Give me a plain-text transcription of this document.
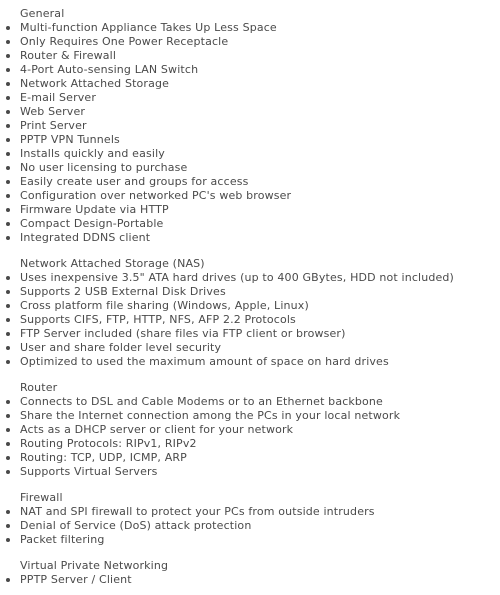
General
Multi-function Appliance Takes Up Less Space
Only Requires One Power Receptacle
Router & Firewall
4-Port Auto-sensing LAN Switch
Network Attached Storage
E-mail Server
Web Server
Print Server
PPTP VPN Tunnels
Installs quickly and easily
No user licensing to purchase
Easily create user and groups for access
Configuration over networked PC's web browser
Firmware Update via HTTP
Compact Design-Portable
Integrated DDNS client
Network Attached Storage (NAS)
Uses inexpensive 3.5" ATA hard drives (up to 400 GBytes, HDD not included)
Supports 2 USB External Disk Drives
Cross platform file sharing (Windows, Apple, Linux)
Supports CIFS, FTP, HTTP, NFS, AFP 2.2 Protocols
FTP Server included (share files via FTP client or browser)
User and share folder level security
Optimized to used the maximum amount of space on hard drives
Router
Connects to DSL and Cable Modems or to an Ethernet backbone
Share the Internet connection among the PCs in your local network
Acts as a DHCP server or client for your network
Routing Protocols: RIPv1, RIPv2
Routing: TCP, UDP, ICMP, ARP
Supports Virtual Servers
Firewall
NAT and SPI firewall to protect your PCs from outside intruders
Denial of Service (DoS) attack protection
Packet filtering
Virtual Private Networking
PPTP Server / Client
